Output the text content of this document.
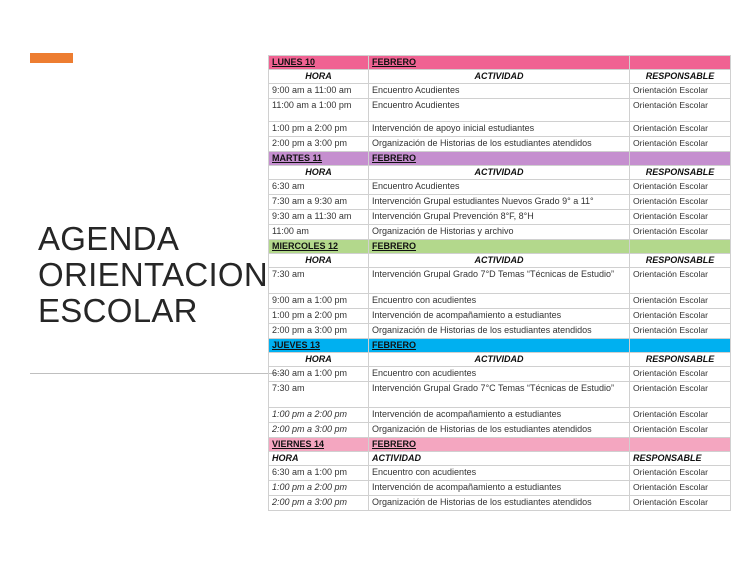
AGENDA
ORIENTACION
ESCOLAR
LUNES 10	FEBRERO	
HORA	ACTIVIDAD	RESPONSABLE
9:00 am a 11:00 am	Encuentro Acudientes	Orientación Escolar
11:00 am a 1:00 pm	Encuentro Acudientes	Orientación Escolar
1:00 pm a 2:00 pm	Intervención de apoyo inicial estudiantes	Orientación Escolar
2:00 pm a 3:00 pm	Organización de Historias de los estudiantes atendidos	Orientación Escolar
MARTES 11	FEBRERO	
HORA	ACTIVIDAD	RESPONSABLE
6:30 am	Encuentro Acudientes	Orientación Escolar
7:30 am a 9:30 am	Intervención Grupal estudiantes Nuevos Grado 9° a 11°	Orientación Escolar
9:30 am a 11:30 am	Intervención Grupal Prevención 8°F, 8°H	Orientación Escolar
11:00 am	Organización de Historias y archivo	Orientación Escolar
MIERCOLES 12	FEBRERO	
HORA	ACTIVIDAD	RESPONSABLE
7:30 am	Intervención Grupal Grado 7°D Temas “Técnicas de Estudio”	Orientación Escolar
9:00 am a 1:00 pm	Encuentro con acudientes	Orientación Escolar
1:00 pm a 2:00 pm	Intervención de acompañamiento a estudiantes	Orientación Escolar
2:00 pm a 3:00 pm	Organización de Historias de los estudiantes atendidos	Orientación Escolar
JUEVES 13	FEBRERO	
HORA	ACTIVIDAD	RESPONSABLE
6:30 am a 1:00 pm	Encuentro con acudientes	Orientación Escolar
7:30 am	Intervención Grupal Grado 7°C Temas “Técnicas de Estudio”	Orientación Escolar
1:00 pm a 2:00 pm	Intervención de acompañamiento a estudiantes	Orientación Escolar
2:00 pm a 3:00 pm	Organización de Historias de los estudiantes atendidos	Orientación Escolar
VIERNES 14	FEBRERO	
HORA	ACTIVIDAD	RESPONSABLE
6:30 am a 1:00 pm	Encuentro con acudientes	Orientación Escolar
1:00 pm a 2:00 pm	Intervención de acompañamiento a estudiantes	Orientación Escolar
2:00 pm a 3:00 pm	Organización de Historias de los estudiantes atendidos	Orientación Escolar
